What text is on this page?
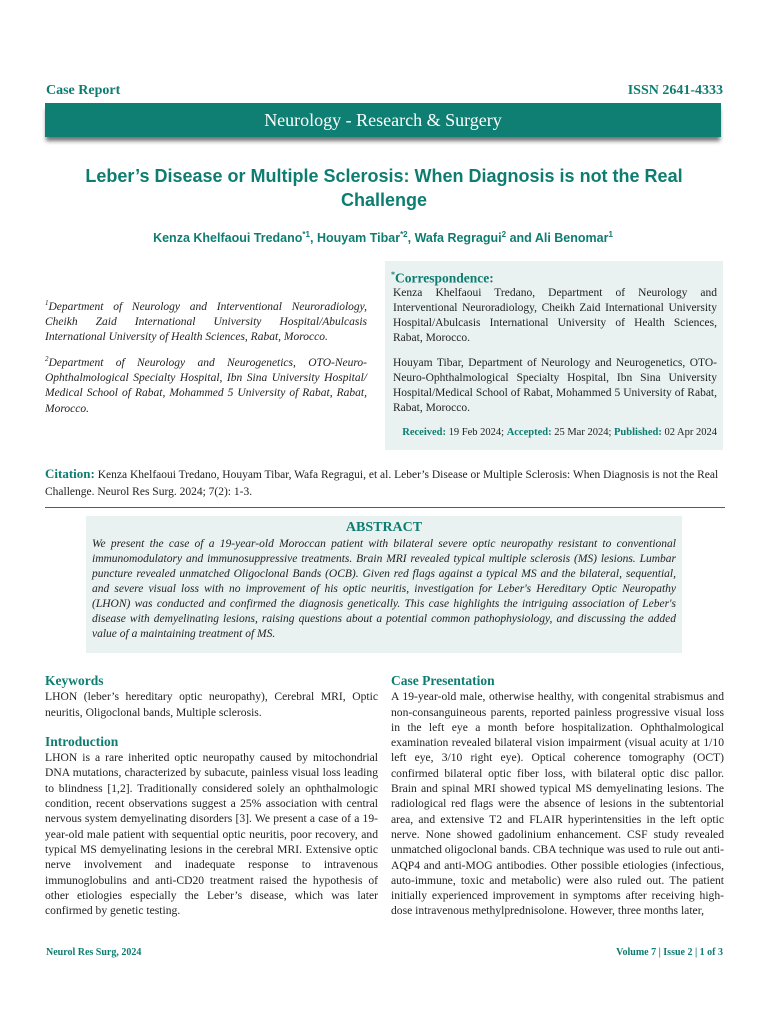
Case Report	ISSN 2641-4333
Neurology - Research & Surgery
Leber’s Disease or Multiple Sclerosis: When Diagnosis is not the Real Challenge
Kenza Khelfaoui Tredano$^{*1}$, Houyam Tibar$^{*2}$, Wafa Regragui$^2$ and Ali Benomar$^1$
$^1$Department of Neurology and Interventional Neuroradiology, Cheikh Zaid International University Hospital/Abulcasis International University of Health Sciences, Rabat, Morocco.
$^2$Department of Neurology and Neurogenetics, OTO-Neuro-Ophthalmological Specialty Hospital, Ibn Sina University Hospital/ Medical School of Rabat, Mohammed 5 University of Rabat, Rabat, Morocco.
*Correspondence:

Kenza Khelfaoui Tredano, Department of Neurology and Interventional Neuroradiology, Cheikh Zaid International University Hospital/Abulcasis International University of Health Sciences, Rabat, Morocco.

Houyam Tibar, Department of Neurology and Neurogenetics, OTO-Neuro-Ophthalmological Specialty Hospital, Ibn Sina University Hospital/Medical School of Rabat, Mohammed 5 University of Rabat, Rabat, Morocco.

Received: 19 Feb 2024; Accepted: 25 Mar 2024; Published: 02 Apr 2024
Citation: Kenza Khelfaoui Tredano, Houyam Tibar, Wafa Regragui, et al. Leber’s Disease or Multiple Sclerosis: When Diagnosis is not the Real Challenge. Neurol Res Surg. 2024; 7(2): 1-3.
ABSTRACT
We present the case of a 19-year-old Moroccan patient with bilateral severe optic neuropathy resistant to conventional immunomodulatory and immunosuppressive treatments. Brain MRI revealed typical multiple sclerosis (MS) lesions. Lumbar puncture revealed unmatched Oligoclonal Bands (OCB). Given red flags against a typical MS and the bilateral, sequential, and severe visual loss with no improvement of his optic neuritis, investigation for Leber's Hereditary Optic Neuropathy (LHON) was conducted and confirmed the diagnosis genetically. This case highlights the intriguing association of Leber's disease with demyelinating lesions, raising questions about a potential common pathophysiology, and discussing the added value of a maintaining treatment of MS.
Keywords

LHON (leber’s hereditary optic neuropathy), Cerebral MRI, Optic neuritis, Oligoclonal bands, Multiple sclerosis.

Introduction

LHON is a rare inherited optic neuropathy caused by mitochondrial DNA mutations, characterized by subacute, painless visual loss leading to blindness [1,2]. Traditionally considered solely an ophthalmologic condition, recent observations suggest a 25% association with central nervous system demyelinating disorders [3]. We present a case of a 19-year-old male patient with sequential optic neuritis, poor recovery, and typical MS demyelinating lesions in the cerebral MRI. Extensive optic nerve involvement and inadequate response to intravenous immunoglobulins and anti-CD20 treatment raised the hypothesis of other etiologies especially the Leber’s disease, which was later confirmed by genetic testing.

Case Presentation

A 19-year-old male, otherwise healthy, with congenital strabismus and non-consanguineous parents, reported painless progressive visual loss in the left eye a month before hospitalization. Ophthalmological examination revealed bilateral vision impairment (visual acuity at 1/10 left eye, 3/10 right eye). Optical coherence tomography (OCT) confirmed bilateral optic fiber loss, with bilateral optic disc pallor. Brain and spinal MRI showed typical MS demyelinating lesions. The radiological red flags were the absence of lesions in the subtentorial area, and extensive T2 and FLAIR hyperintensities in the left optic nerve. None showed gadolinium enhancement. CSF study revealed unmatched oligoclonal bands. CBA technique was used to rule out anti-AQP4 and anti-MOG antibodies. Other possible etiologies (infectious, auto-immune, toxic and metabolic) were also ruled out. The patient initially experienced improvement in symptoms after receiving high-dose intravenous methylprednisolone. However, three months later,

Neurol Res Surg, 2024	Volume 7 | Issue 2 | 1 of 3
